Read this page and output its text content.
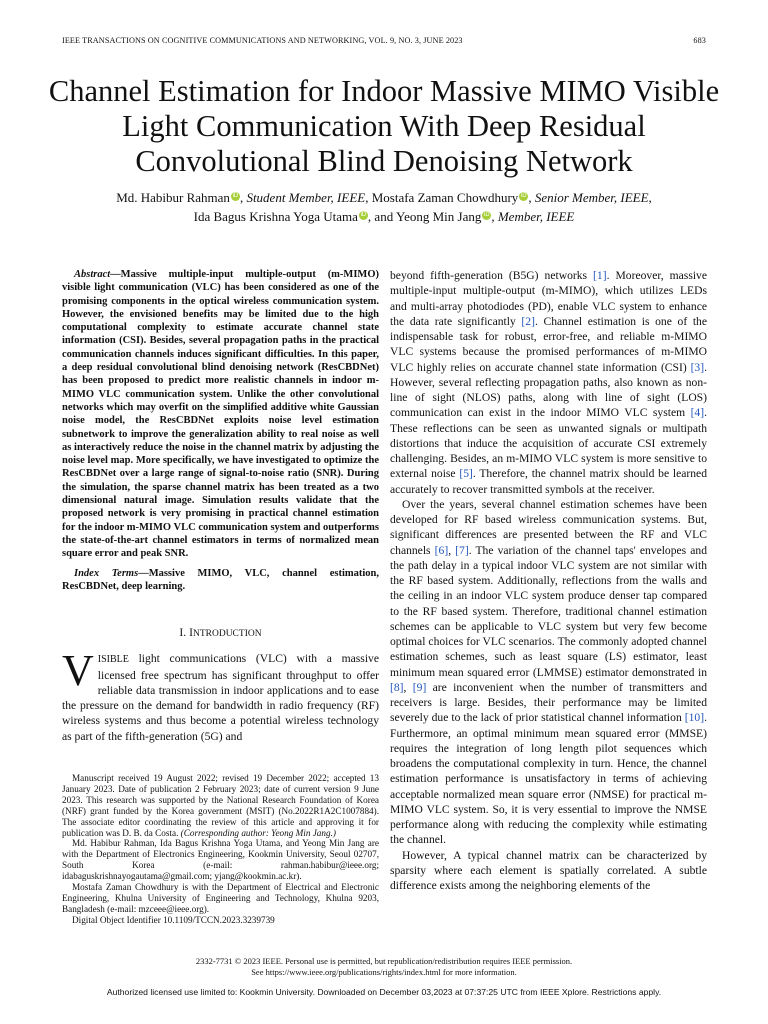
IEEE TRANSACTIONS ON COGNITIVE COMMUNICATIONS AND NETWORKING, VOL. 9, NO. 3, JUNE 2023	683
Channel Estimation for Indoor Massive MIMO Visible Light Communication With Deep Residual Convolutional Blind Denoising Network
Md. Habibur Rahman iD , Student Member, IEEE, Mostafa Zaman Chowdhury iD , Senior Member, IEEE,
Ida Bagus Krishna Yoga Utama iD , and Yeong Min Jang iD , Member, IEEE

Abstract—Massive multiple-input multiple-output (m-MIMO) visible light communication (VLC) has been considered as one of the promising components in the optical wireless communication system. However, the envisioned benefits may be limited due to the high computational complexity to estimate accurate channel state information (CSI). Besides, several propagation paths in the practical communication channels induces significant difficulties. In this paper, a deep residual convolutional blind denoising network (ResCBDNet) has been proposed to predict more realistic channels in indoor m-MIMO VLC communication system. Unlike the other convolutional networks which may overfit on the simplified additive white Gaussian noise model, the ResCBDNet exploits noise level estimation subnetwork to improve the generalization ability to real noise as well as interactively reduce the noise in the channel matrix by adjusting the noise level map. More specifically, we have investigated to optimize the ResCBDNet over a large range of signal-to-noise ratio (SNR). During the simulation, the sparse channel matrix has been treated as a two dimensional natural image. Simulation results validate that the proposed network is very promising in practical channel estimation for the indoor m-MIMO VLC communication system and outperforms the state-of-the-art channel estimators in terms of normalized mean square error and peak SNR.

Index Terms—Massive MIMO, VLC, channel estimation, ResCBDNet, deep learning.

I. INTRODUCTION

VISIBLE light communications (VLC) with a massive licensed free spectrum has significant throughput to offer reliable data transmission in indoor applications and to ease the pressure on the demand for bandwidth in radio frequency (RF) wireless systems and thus become a potential wireless technology as part of the fifth-generation (5G) and

Manuscript received 19 August 2022; revised 19 December 2022; accepted 13 January 2023. Date of publication 2 February 2023; date of current version 9 June 2023. This research was supported by the National Research Foundation of Korea (NRF) grant funded by the Korea government (MSIT) (No.2022R1A2C1007884). The associate editor coordinating the review of this article and approving it for publication was D. B. da Costa. (Corresponding author: Yeong Min Jang.)

Md. Habibur Rahman, Ida Bagus Krishna Yoga Utama, and Yeong Min Jang are with the Department of Electronics Engineering, Kookmin University, Seoul 02707, South Korea (e-mail: rahman.habibur@ieee.org; idabaguskrishnayogautama@gmail.com; yjang@kookmin.ac.kr).

Mostafa Zaman Chowdhury is with the Department of Electrical and Electronic Engineering, Khulna University of Engineering and Technology, Khulna 9203, Bangladesh (e-mail: mzceee@ieee.org).

Digital Object Identifier 10.1109/TCCN.2023.3239739

beyond fifth-generation (B5G) networks [1]. Moreover, massive multiple-input multiple-output (m-MIMO), which utilizes LEDs and multi-array photodiodes (PD), enable VLC system to enhance the data rate significantly [2]. Channel estimation is one of the indispensable task for robust, error-free, and reliable m-MIMO VLC systems because the promised performances of m-MIMO VLC highly relies on accurate channel state information (CSI) [3]. However, several reflecting propagation paths, also known as non-line of sight (NLOS) paths, along with line of sight (LOS) communication can exist in the indoor MIMO VLC system [4]. These reflections can be seen as unwanted signals or multipath distortions that induce the acquisition of accurate CSI extremely challenging. Besides, an m-MIMO VLC system is more sensitive to external noise [5]. Therefore, the channel matrix should be learned accurately to recover transmitted symbols at the receiver.

Over the years, several channel estimation schemes have been developed for RF based wireless communication systems. But, significant differences are presented between the RF and VLC channels [6], [7]. The variation of the channel taps' envelopes and the path delay in a typical indoor VLC system are not similar with the RF based system. Additionally, reflections from the walls and the ceiling in an indoor VLC system produce denser tap compared to the RF based system. Therefore, traditional channel estimation schemes can be applicable to VLC system but very few become optimal choices for VLC scenarios. The commonly adopted channel estimation schemes, such as least square (LS) estimator, least minimum mean squared error (LMMSE) estimator demonstrated in [8], [9] are inconvenient when the number of transmitters and receivers is large. Besides, their performance may be limited severely due to the lack of prior statistical channel information [10]. Furthermore, an optimal minimum mean squared error (MMSE) requires the integration of long length pilot sequences which broadens the computational complexity in turn. Hence, the channel estimation performance is unsatisfactory in terms of achieving acceptable normalized mean square error (NMSE) for practical m-MIMO VLC system. So, it is very essential to improve the NMSE performance along with reducing the complexity while estimating the channel.

However, A typical channel matrix can be characterized by sparsity where each element is spatially correlated. A subtle difference exists among the neighboring elements of the

2332-7731 © 2023 IEEE. Personal use is permitted, but republication/redistribution requires IEEE permission.
See https://www.ieee.org/publications/rights/index.html for more information.
Authorized licensed use limited to: Kookmin University. Downloaded on December 03,2023 at 07:37:25 UTC from IEEE Xplore. Restrictions apply.
